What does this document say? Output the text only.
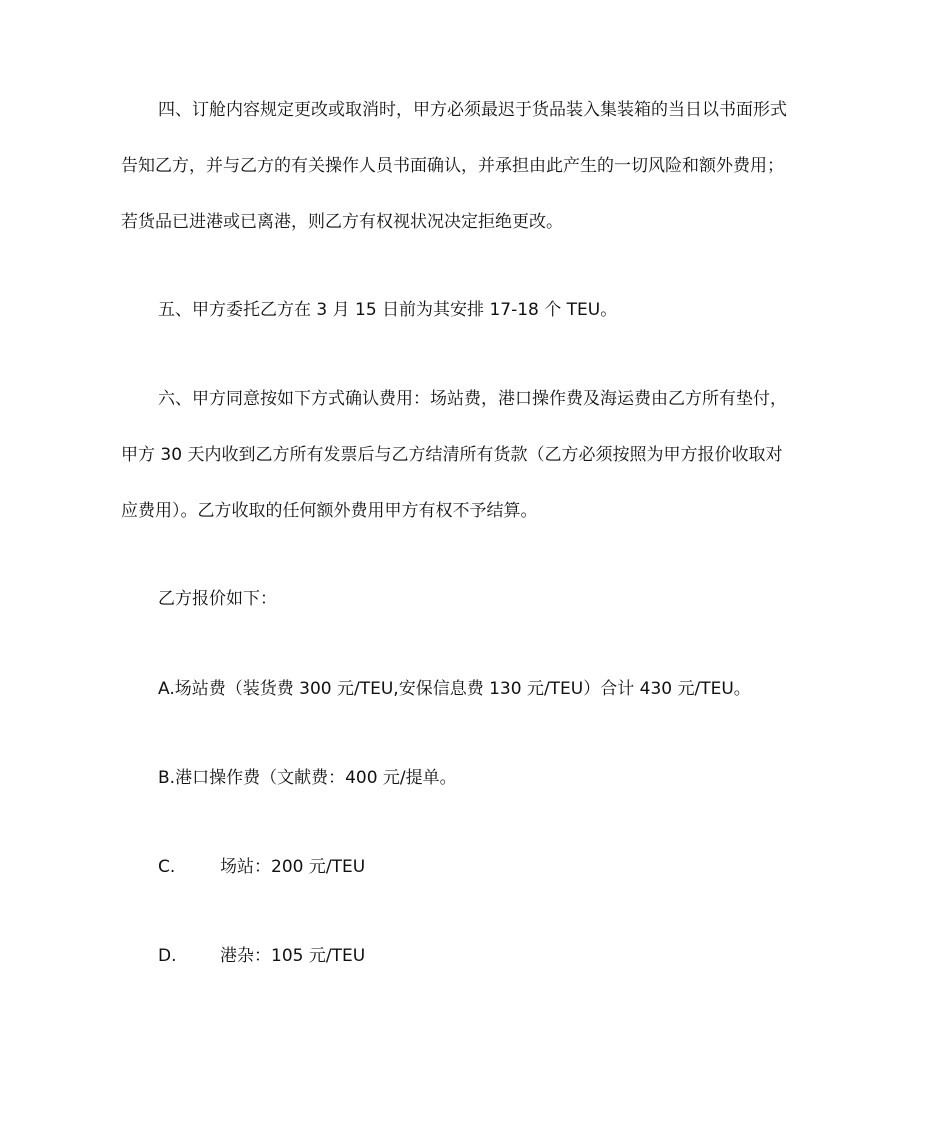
四、订舱内容规定更改或取消时，甲方必须最迟于货品装入集装箱的当日以书面形式
告知乙方，并与乙方的有关操作人员书面确认，并承担由此产生的一切风险和额外费用；
若货品已进港或已离港，则乙方有权视状况决定拒绝更改。
五、甲方委托乙方在 3 月 15 日前为其安排 17-18 个 TEU。
六、甲方同意按如下方式确认费用：场站费，港口操作费及海运费由乙方所有垫付，
甲方 30 天内收到乙方所有发票后与乙方结清所有货款（乙方必须按照为甲方报价收取对
应费用）。乙方收取的任何额外费用甲方有权不予结算。
乙方报价如下：
A.场站费（装货费 300 元/TEU,安保信息费 130 元/TEU）合计 430 元/TEU。
B.港口操作费（文献费：400 元/提单。
C.	场站：200 元/TEU
D.	港杂：105 元/TEU
